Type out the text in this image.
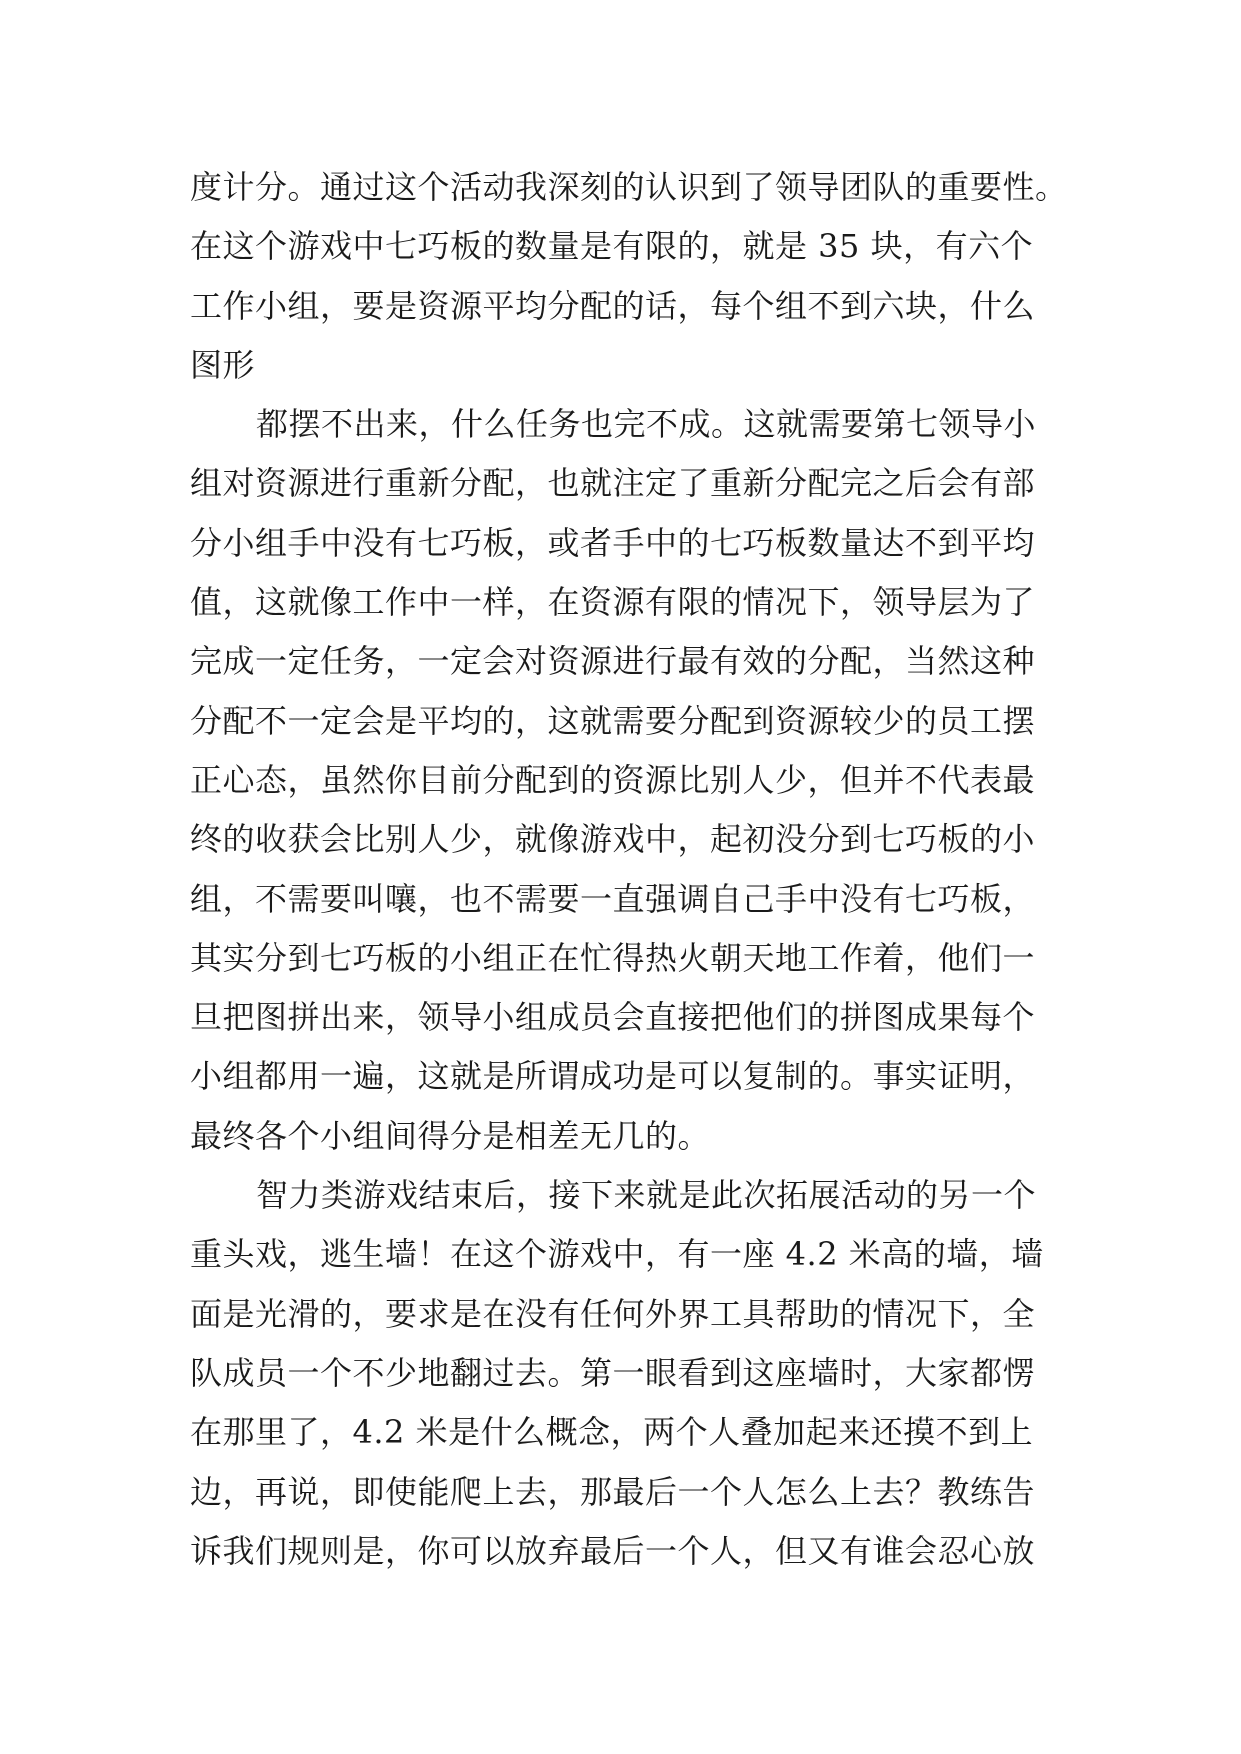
度计分。通过这个活动我深刻的认识到了领导团队的重要性。
在这个游戏中七巧板的数量是有限的，就是 35 块，有六个
工作小组，要是资源平均分配的话，每个组不到六块，什么
图形
都摆不出来，什么任务也完不成。这就需要第七领导小
组对资源进行重新分配，也就注定了重新分配完之后会有部
分小组手中没有七巧板，或者手中的七巧板数量达不到平均
值，这就像工作中一样，在资源有限的情况下，领导层为了
完成一定任务，一定会对资源进行最有效的分配，当然这种
分配不一定会是平均的，这就需要分配到资源较少的员工摆
正心态，虽然你目前分配到的资源比别人少，但并不代表最
终的收获会比别人少，就像游戏中，起初没分到七巧板的小
组，不需要叫嚷，也不需要一直强调自己手中没有七巧板，
其实分到七巧板的小组正在忙得热火朝天地工作着，他们一
旦把图拼出来，领导小组成员会直接把他们的拼图成果每个
小组都用一遍，这就是所谓成功是可以复制的。事实证明，
最终各个小组间得分是相差无几的。
智力类游戏结束后，接下来就是此次拓展活动的另一个
重头戏，逃生墙！在这个游戏中，有一座 4.2 米高的墙，墙
面是光滑的，要求是在没有任何外界工具帮助的情况下，全
队成员一个不少地翻过去。第一眼看到这座墙时，大家都愣
在那里了，4.2 米是什么概念，两个人叠加起来还摸不到上
边，再说，即使能爬上去，那最后一个人怎么上去？教练告
诉我们规则是，你可以放弃最后一个人，但又有谁会忍心放
